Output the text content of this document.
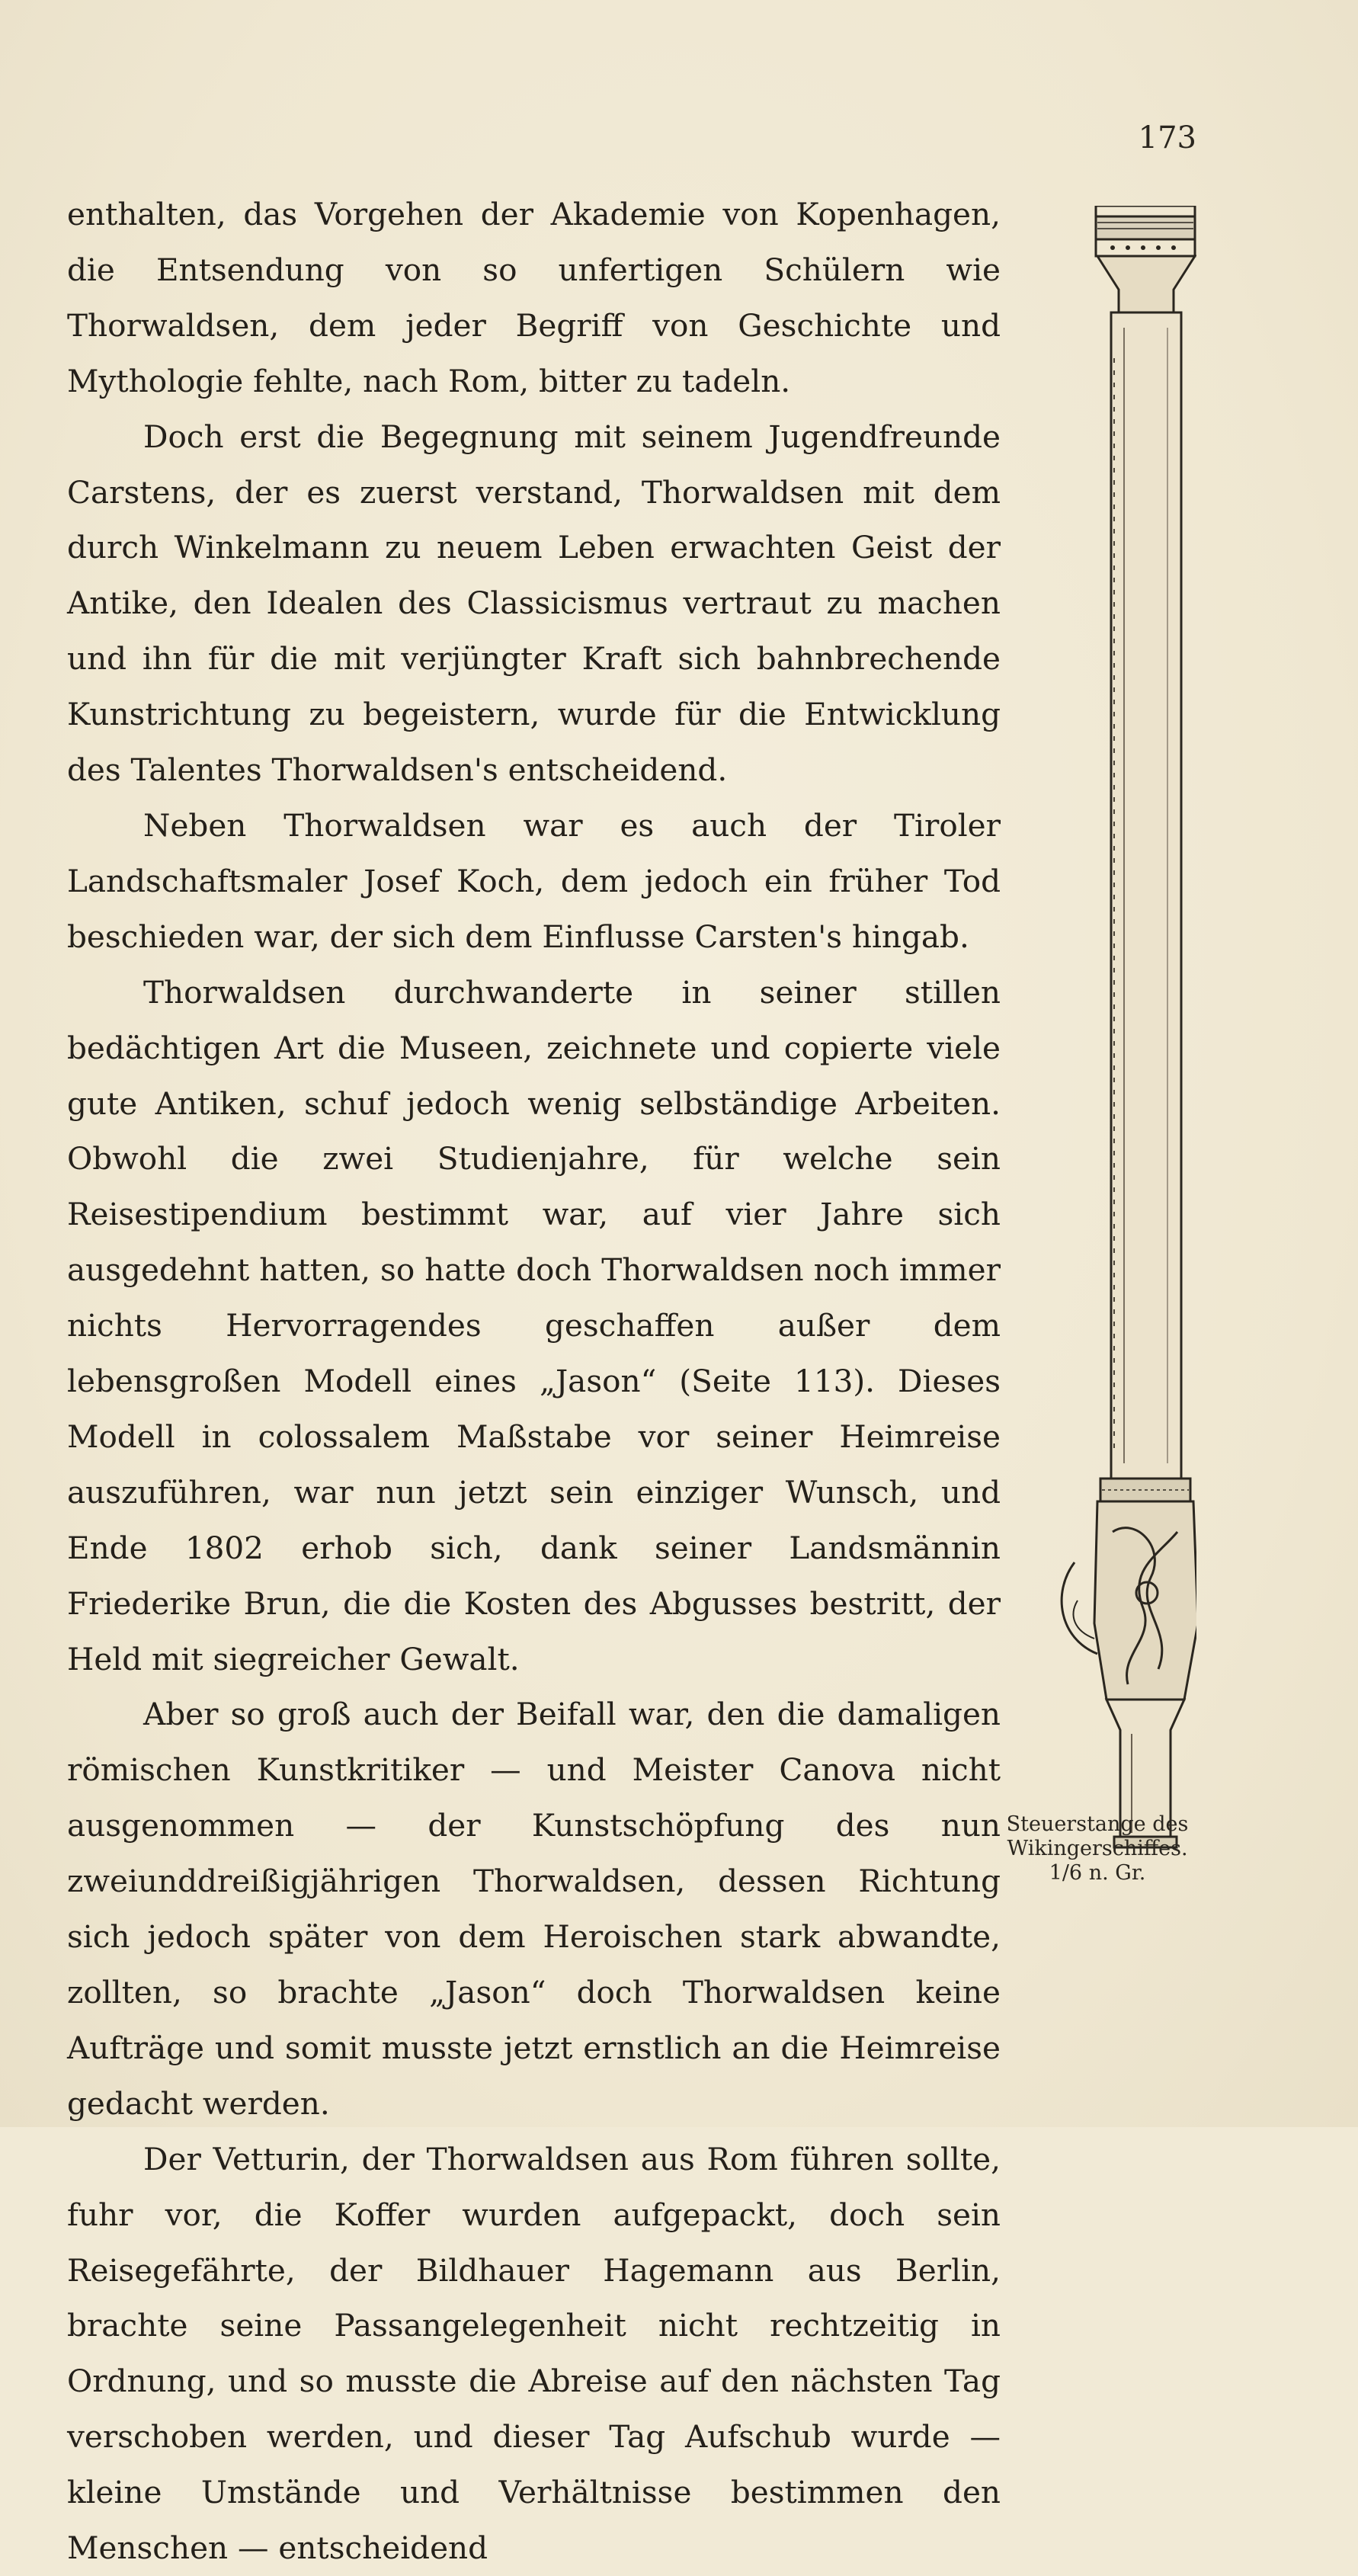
173

enthalten, das Vorgehen der Akademie von Kopenhagen, die Entsendung von so unfertigen Schülern wie Thorwaldsen, dem jeder Begriff von Geschichte und Mythologie fehlte, nach Rom, bitter zu tadeln.

Doch erst die Begegnung mit seinem Jugendfreunde Carstens, der es zuerst verstand, Thorwaldsen mit dem durch Winkelmann zu neuem Leben erwachten Geist der Antike, den Idealen des Classicismus vertraut zu machen und ihn für die mit verjüngter Kraft sich bahnbrechende Kunstrichtung zu begeistern, wurde für die Entwicklung des Talentes Thorwaldsen's entscheidend.

Neben Thorwaldsen war es auch der Tiroler Landschaftsmaler Josef Koch, dem jedoch ein früher Tod beschieden war, der sich dem Einflusse Carsten's hingab.

Thorwaldsen durchwanderte in seiner stillen bedächtigen Art die Museen, zeichnete und copierte viele gute Antiken, schuf jedoch wenig selbständige Arbeiten. Obwohl die zwei Studienjahre, für welche sein Reisestipendium bestimmt war, auf vier Jahre sich ausgedehnt hatten, so hatte doch Thorwaldsen noch immer nichts Hervorragendes geschaffen außer dem lebensgroßen Modell eines „Jason“ (Seite 113). Dieses Modell in colossalem Maßstabe vor seiner Heimreise auszuführen, war nun jetzt sein einziger Wunsch, und Ende 1802 erhob sich, dank seiner Landsmännin Friederike Brun, die die Kosten des Abgusses bestritt, der Held mit siegreicher Gewalt.

Aber so groß auch der Beifall war, den die damaligen römischen Kunstkritiker — und Meister Canova nicht ausgenommen — der Kunstschöpfung des nun zweiunddreißigjährigen Thorwaldsen, dessen Richtung sich jedoch später von dem Heroischen stark abwandte, zollten, so brachte „Jason“ doch Thorwaldsen keine Aufträge und somit musste jetzt ernstlich an die Heimreise gedacht werden.

Der Vetturin, der Thorwaldsen aus Rom führen sollte, fuhr vor, die Koffer wurden aufgepackt, doch sein Reisegefährte, der Bildhauer Hagemann aus Berlin, brachte seine Passangelegenheit nicht rechtzeitig in Ordnung, und so musste die Abreise auf den nächsten Tag verschoben werden, und dieser Tag Aufschub wurde — kleine Umstände und Verhältnisse bestimmen den Menschen — entscheidend

Steuerstange des
Wikingerschiffes.
1/6 n. Gr.
